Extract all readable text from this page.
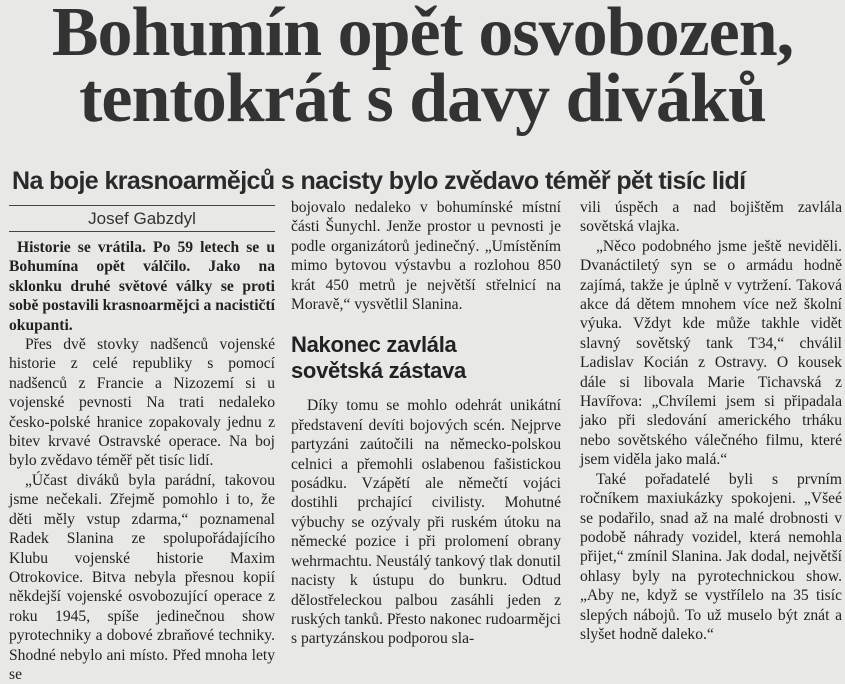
Bohumín opět osvobozen,
tentokrát s davy diváků
Na boje krasnoarmějců s nacisty bylo zvědavo téměř pět tisíc lidí
Josef Gabzdyl

Historie se vrátila. Po 59 letech se u Bohumína opět válčilo. Jako na sklonku druhé světové války se proti sobě postavili krasnoarmějci a nacističtí okupanti.

Přes dvě stovky nadšenců vojenské historie z celé republiky s pomocí nadšenců z Francie a Nizozemí si u vojenské pevnosti Na trati nedaleko česko-polské hranice zopakovaly jednu z bitev krvavé Ostravské operace. Na boj bylo zvědavo téměř pět tisíc lidí.

„Účast diváků byla parádní, takovou jsme nečekali. Zřejmě pomohlo i to, že děti měly vstup zdarma,“ poznamenal Radek Slanina ze spolupořádajícího Klubu vojenské historie Maxim Otrokovice. Bitva nebyla přesnou kopií někdejší vojenské osvobozující operace z roku 1945, spíše jedinečnou show pyrotechniky a dobové zbraňové techniky. Shodné nebylo ani místo. Před mnoha lety se

bojovalo nedaleko v bohumínské místní části Šunychl. Jenže prostor u pevnosti je podle organizátorů jedinečný. „Umístěním mimo bytovou výstavbu a rozlohou 850 krát 450 metrů je největší střelnicí na Moravě,“ vysvětlil Slanina.

Nakonec zavlála
sovětská zástava

Díky tomu se mohlo odehrát unikátní představení devíti bojových scén. Nejprve partyzáni zaútočili na německo-polskou celnici a přemohli oslabenou fašistickou posádku. Vzápětí ale němečtí vojáci dostihli prchající civilisty. Mohutné výbuchy se ozývaly při ruském útoku na německé pozice i při prolomení obrany wehrmachtu. Neustálý tankový tlak donutil nacisty k ústupu do bunkru. Odtud dělostřeleckou palbou zasáhli jeden z ruských tanků. Přesto nakonec rudoarmějci s partyzánskou podporou sla-

vili úspěch a nad bojištěm zavlála sovětská vlajka.

„Něco podobného jsme ještě neviděli. Dvanáctiletý syn se o armádu hodně zajímá, takže je úplně v vytržení. Taková akce dá dětem mnohem více než školní výuka. Vždyt kde může takhle vidět slavný sovětský tank T34,“ chválil Ladislav Kocián z Ostravy. O kousek dále si libovala Marie Tichavská z Havířova: „Chvílemi jsem si připadala jako při sledování amerického trháku nebo sovětského válečného filmu, které jsem viděla jako malá.“

Také pořadatelé byli s prvním ročníkem maxiukázky spokojeni. „Všeé se podařilo, snad až na malé drobnosti v podobě náhrady vozidel, která nemohla přijet,“ zmínil Slanina. Jak dodal, největší ohlasy byly na pyrotechnickou show. „Aby ne, když se vystřílelo na 35 tisíc slepých nábojů. To už muselo být znát a slyšet hodně daleko.“
